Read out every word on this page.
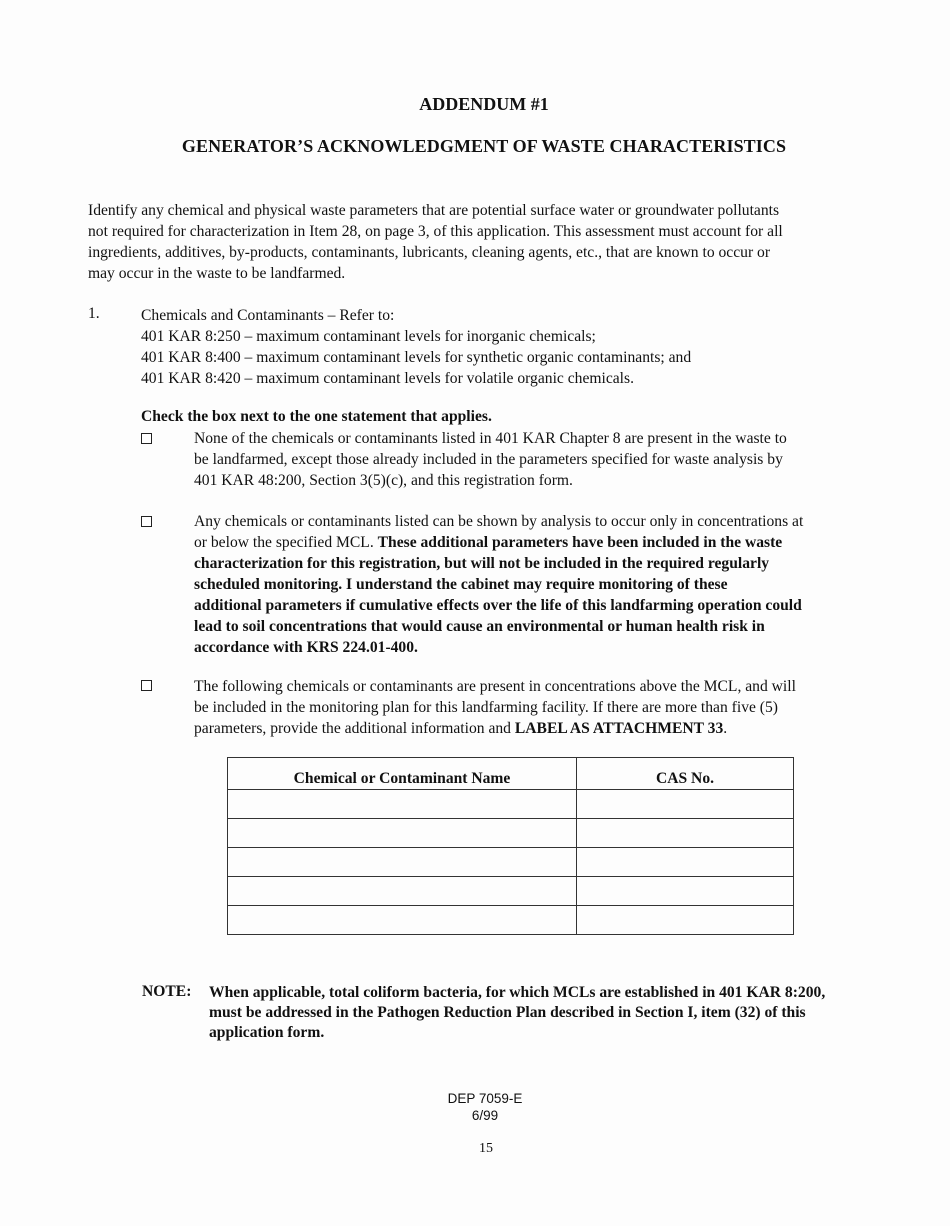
ADDENDUM #1
GENERATOR’S ACKNOWLEDGMENT OF WASTE CHARACTERISTICS
Identify any chemical and physical waste parameters that are potential surface water or groundwater pollutants
not required for characterization in Item 28, on page 3, of this application. This assessment must account for all
ingredients, additives, by-products, contaminants, lubricants, cleaning agents, etc., that are known to occur or
may occur in the waste to be landfarmed.
1.	Chemicals and Contaminants – Refer to:
401 KAR 8:250 – maximum contaminant levels for inorganic chemicals;
401 KAR 8:400 – maximum contaminant levels for synthetic organic contaminants; and
401 KAR 8:420 – maximum contaminant levels for volatile organic chemicals.
Check the box next to the one statement that applies.
None of the chemicals or contaminants listed in 401 KAR Chapter 8 are present in the waste to
be landfarmed, except those already included in the parameters specified for waste analysis by
401 KAR 48:200, Section 3(5)(c), and this registration form.
Any chemicals or contaminants listed can be shown by analysis to occur only in concentrations at
or below the specified MCL. These additional parameters have been included in the waste
characterization for this registration, but will not be included in the required regularly
scheduled monitoring. I understand the cabinet may require monitoring of these
additional parameters if cumulative effects over the life of this landfarming operation could
lead to soil concentrations that would cause an environmental or human health risk in
accordance with KRS 224.01-400.
The following chemicals or contaminants are present in concentrations above the MCL, and will
be included in the monitoring plan for this landfarming facility. If there are more than five (5)
parameters, provide the additional information and LABEL AS ATTACHMENT 33.
Chemical or Contaminant Name	CAS No.

NOTE: When applicable, total coliform bacteria, for which MCLs are established in 401 KAR 8:200,
must be addressed in the Pathogen Reduction Plan described in Section I, item (32) of this
application form.
DEP 7059-E
6/99
15
